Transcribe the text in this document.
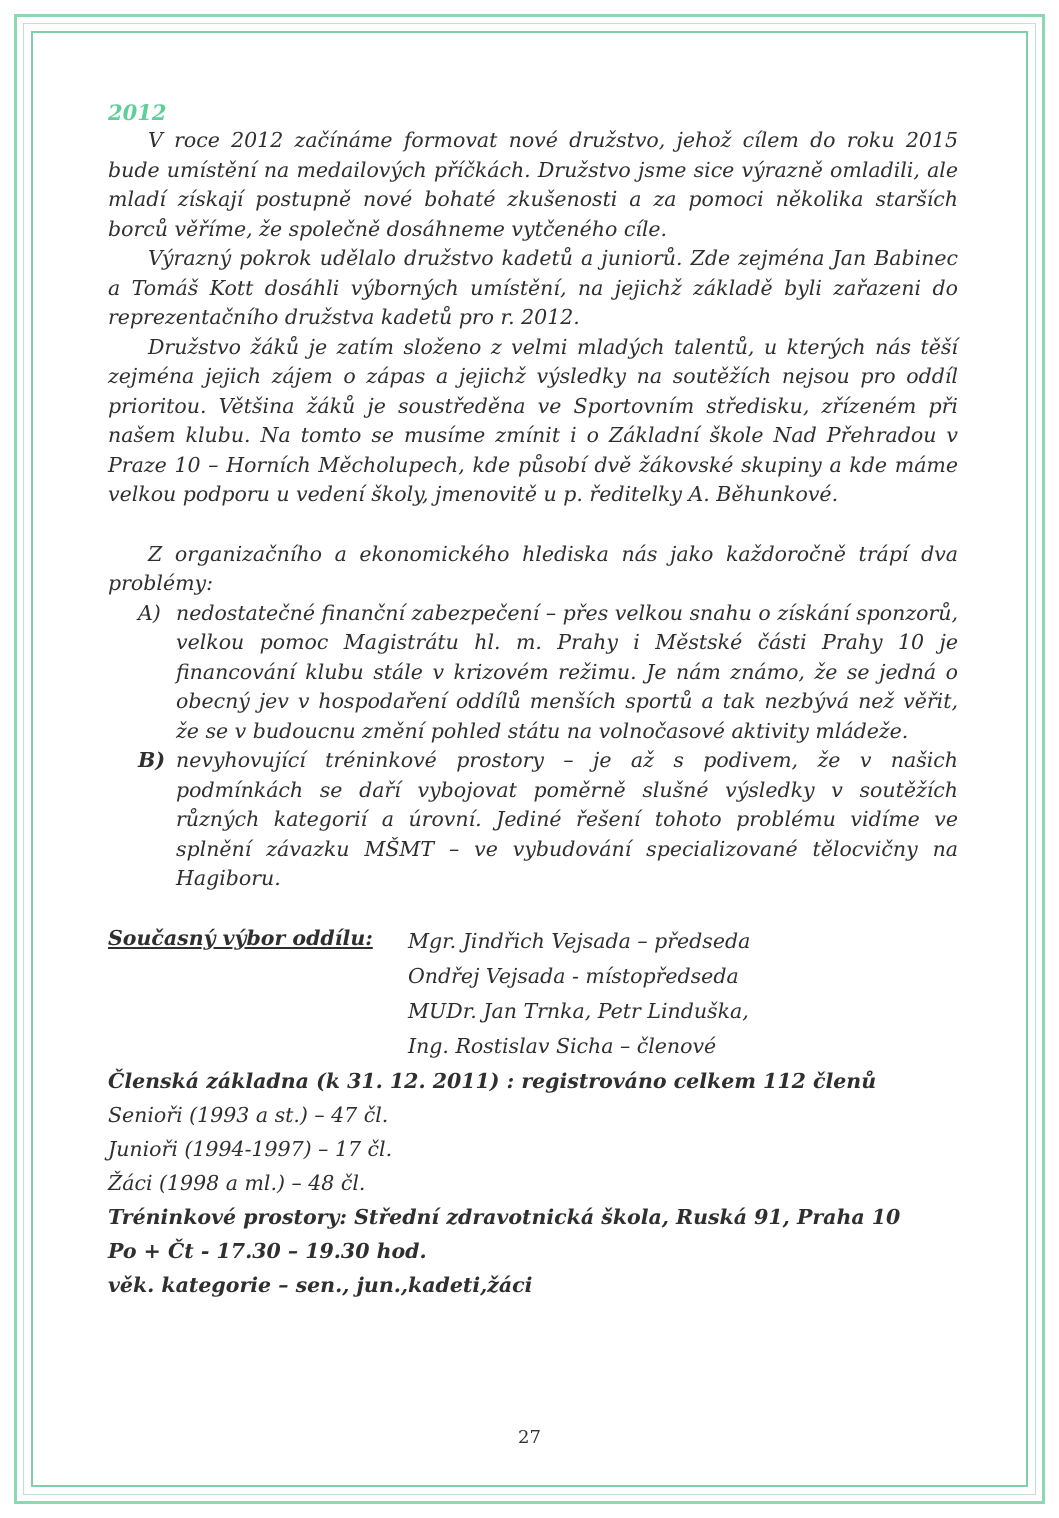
2012

V roce 2012 začínáme formovat nové družstvo, jehož cílem do roku 2015 bude umístění na medailových příčkách. Družstvo jsme sice výrazně omladili, ale mladí získají postupně nové bohaté zkušenosti a za pomoci několika starších borců věříme, že společně dosáhneme vytčeného cíle.

Výrazný pokrok udělalo družstvo kadetů a juniorů. Zde zejména Jan Babinec a Tomáš Kott dosáhli výborných umístění, na jejichž základě byli zařazeni do reprezentačního družstva kadetů pro r. 2012.

Družstvo žáků je zatím složeno z velmi mladých talentů, u kterých nás těší zejména jejich zájem o zápas a jejichž výsledky na soutěžích nejsou pro oddíl prioritou. Většina žáků je soustředěna ve Sportovním středisku, zřízeném při našem klubu. Na tomto se musíme zmínit i o Základní škole Nad Přehradou v Praze 10 – Horních Měcholupech, kde působí dvě žákovské skupiny a kde máme velkou podporu u vedení školy, jmenovitě u p. ředitelky A. Běhunkové.

Z organizačního a ekonomického hlediska nás jako každoročně trápí dva problémy:

A) nedostatečné finanční zabezpečení – přes velkou snahu o získání sponzorů, velkou pomoc Magistrátu hl. m. Prahy i Městské části Prahy 10 je financování klubu stále v krizovém režimu. Je nám známo, že se jedná o obecný jev v hospodaření oddílů menších sportů a tak nezbývá než věřit, že se v budoucnu změní pohled státu na volnočasové aktivity mládeže.
B) nevyhovující tréninkové prostory – je až s podivem, že v našich podmínkách se daří vybojovat poměrně slušné výsledky v soutěžích různých kategorií a úrovní. Jediné řešení tohoto problému vidíme ve splnění závazku MŠMT – ve vybudování specializované tělocvičny na Hagiboru.
Současný výbor oddílu:	Mgr. Jindřich Vejsada – předseda
Ondřej Vejsada - místopředseda
MUDr. Jan Trnka, Petr Linduška,
Ing. Rostislav Sicha – členové
Členská základna (k 31. 12. 2011) : registrováno celkem 112 členů
Senioři (1993 a st.) – 47 čl.
Junioři (1994-1997) – 17 čl.
Žáci (1998 a ml.) – 48 čl.
Tréninkové prostory: Střední zdravotnická škola, Ruská 91, Praha 10
Po + Čt - 17.30 – 19.30 hod.
věk. kategorie – sen., jun.,kadeti,žáci
27
